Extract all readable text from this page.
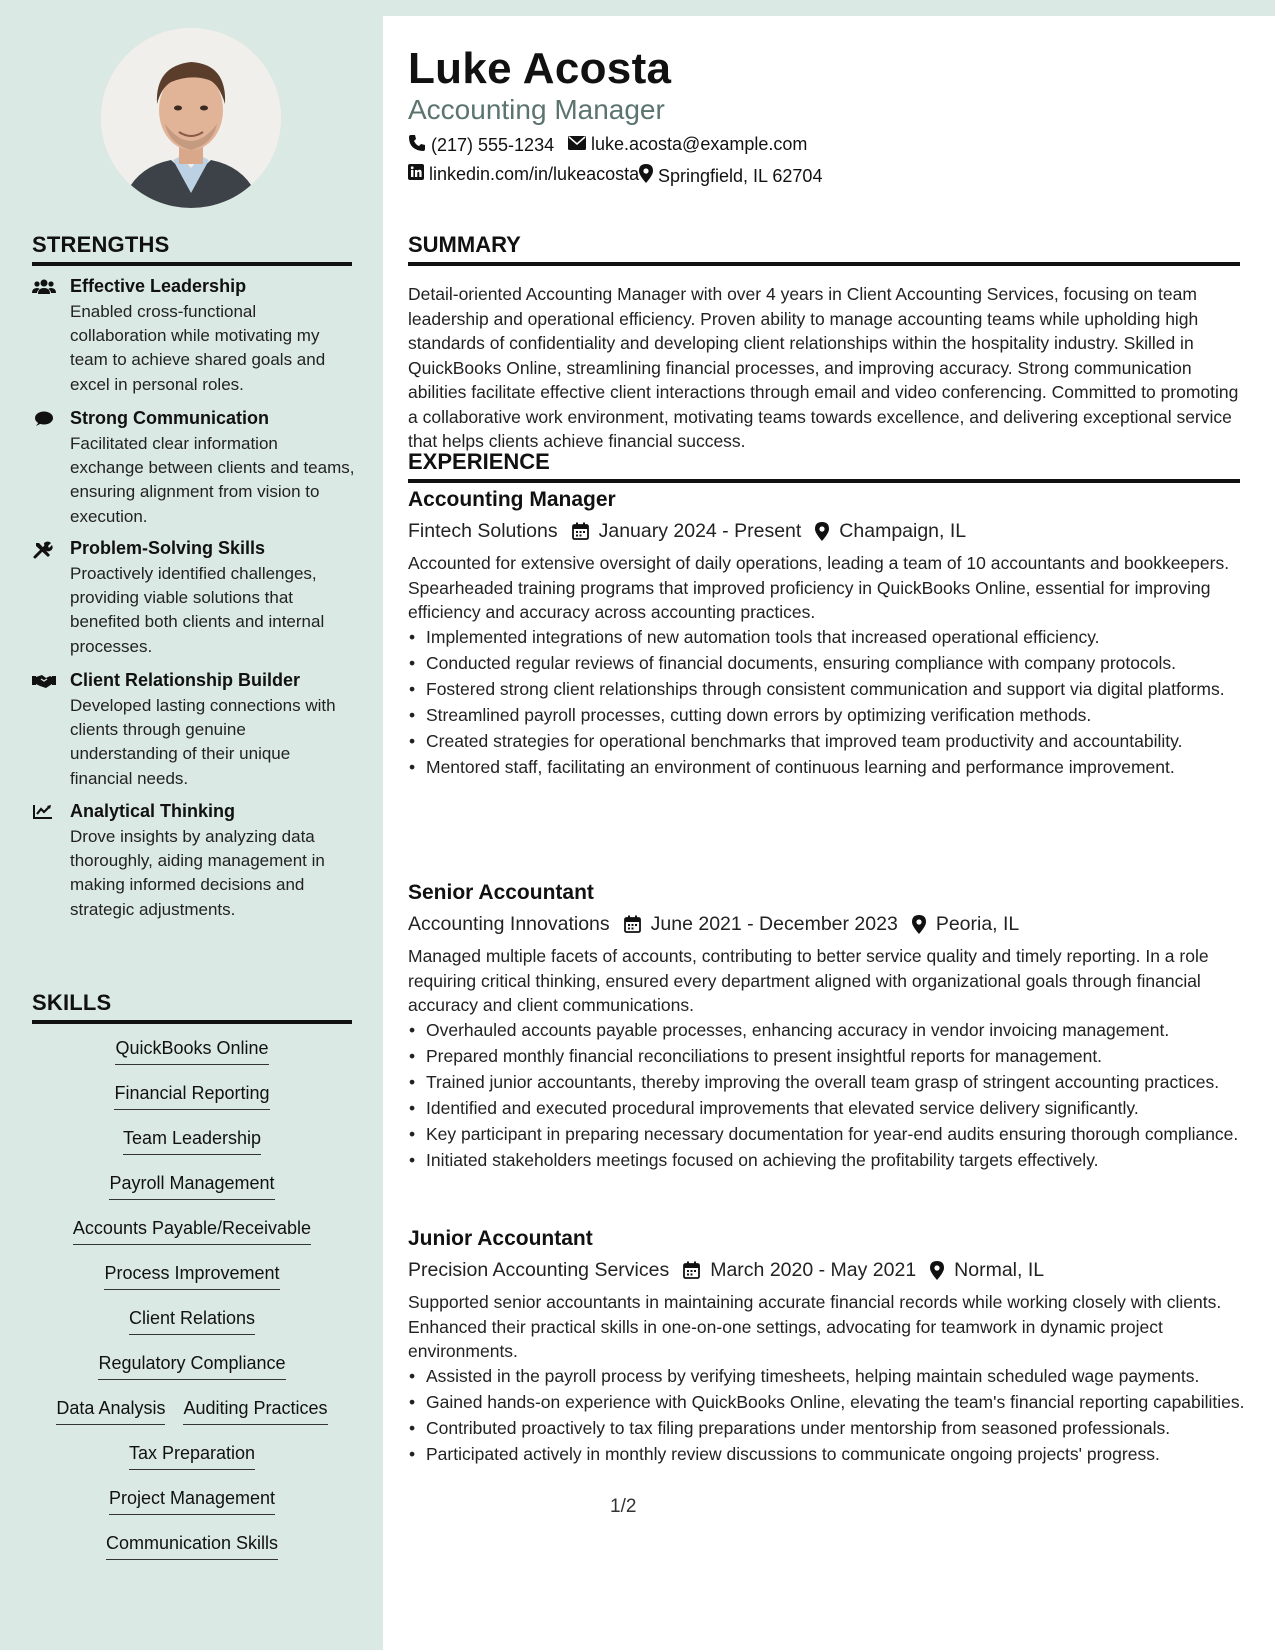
STRENGTHS
Effective Leadership
Enabled cross-functional collaboration while motivating my team to achieve shared goals and excel in personal roles.
Strong Communication
Facilitated clear information exchange between clients and teams, ensuring alignment from vision to execution.
Problem-Solving Skills
Proactively identified challenges, providing viable solutions that benefited both clients and internal processes.
Client Relationship Builder
Developed lasting connections with clients through genuine understanding of their unique financial needs.
Analytical Thinking
Drove insights by analyzing data thoroughly, aiding management in making informed decisions and strategic adjustments.
SKILLS
QuickBooks Online
Financial Reporting
Team Leadership
Payroll Management
Accounts Payable/Receivable
Process Improvement
Client Relations
Regulatory Compliance
Data Analysis Auditing Practices
Tax Preparation
Project Management
Communication Skills
Luke Acosta
Accounting Manager
(217) 555-1234 luke.acosta@example.com
linkedin.com/in/lukeacosta Springfield, IL 62704
SUMMARY
Detail-oriented Accounting Manager with over 4 years in Client Accounting Services, focusing on team leadership and operational efficiency. Proven ability to manage accounting teams while upholding high standards of confidentiality and developing client relationships within the hospitality industry. Skilled in QuickBooks Online, streamlining financial processes, and improving accuracy. Strong communication abilities facilitate effective client interactions through email and video conferencing. Committed to promoting a collaborative work environment, motivating teams towards excellence, and delivering exceptional service that helps clients achieve financial success.
EXPERIENCE
Accounting Manager
Fintech Solutions January 2024 - Present Champaign, IL
Accounted for extensive oversight of daily operations, leading a team of 10 accountants and bookkeepers. Spearheaded training programs that improved proficiency in QuickBooks Online, essential for improving efficiency and accuracy across accounting practices.
• Implemented integrations of new automation tools that increased operational efficiency.
• Conducted regular reviews of financial documents, ensuring compliance with company protocols.
• Fostered strong client relationships through consistent communication and support via digital platforms.
• Streamlined payroll processes, cutting down errors by optimizing verification methods.
• Created strategies for operational benchmarks that improved team productivity and accountability.
• Mentored staff, facilitating an environment of continuous learning and performance improvement.
Senior Accountant
Accounting Innovations June 2021 - December 2023 Peoria, IL
Managed multiple facets of accounts, contributing to better service quality and timely reporting. In a role requiring critical thinking, ensured every department aligned with organizational goals through financial accuracy and client communications.
• Overhauled accounts payable processes, enhancing accuracy in vendor invoicing management.
• Prepared monthly financial reconciliations to present insightful reports for management.
• Trained junior accountants, thereby improving the overall team grasp of stringent accounting practices.
• Identified and executed procedural improvements that elevated service delivery significantly.
• Key participant in preparing necessary documentation for year-end audits ensuring thorough compliance.
• Initiated stakeholders meetings focused on achieving the profitability targets effectively.
Junior Accountant
Precision Accounting Services March 2020 - May 2021 Normal, IL
Supported senior accountants in maintaining accurate financial records while working closely with clients. Enhanced their practical skills in one-on-one settings, advocating for teamwork in dynamic project environments.
• Assisted in the payroll process by verifying timesheets, helping maintain scheduled wage payments.
• Gained hands-on experience with QuickBooks Online, elevating the team's financial reporting capabilities.
• Contributed proactively to tax filing preparations under mentorship from seasoned professionals.
• Participated actively in monthly review discussions to communicate ongoing projects' progress.
1/2
